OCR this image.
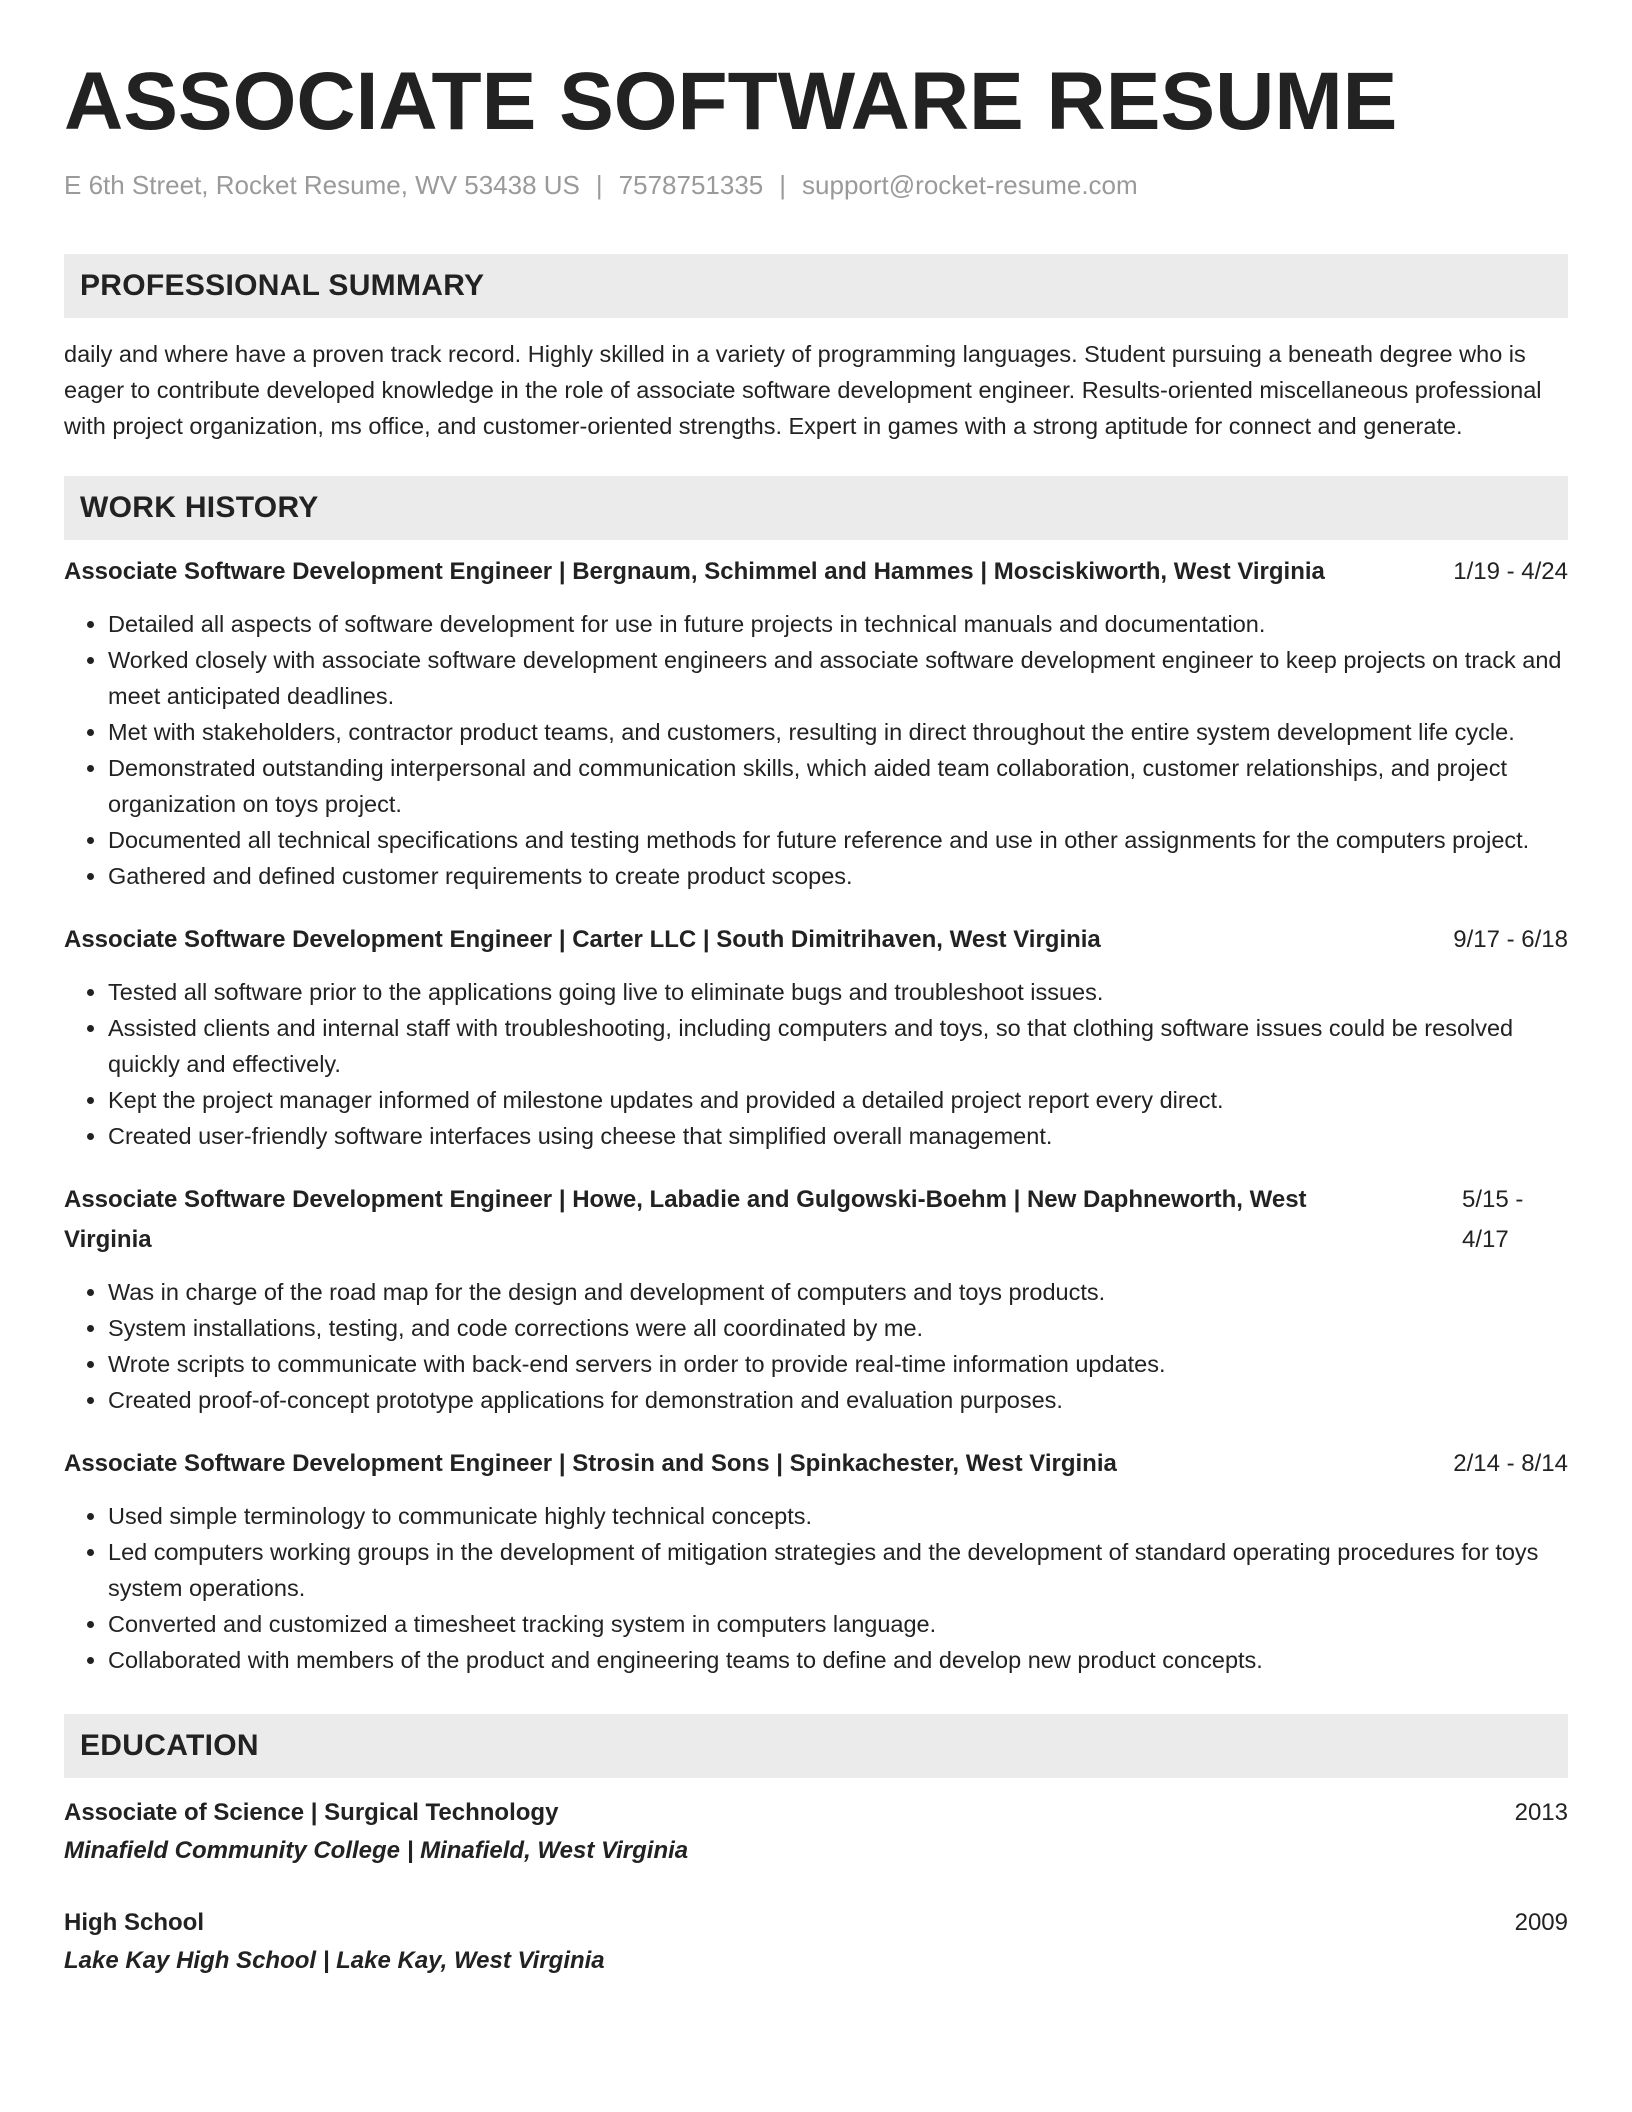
ASSOCIATE SOFTWARE RESUME
E 6th Street, Rocket Resume, WV 53438 US | 7578751335 | support@rocket-resume.com
PROFESSIONAL SUMMARY
daily and where have a proven track record. Highly skilled in a variety of programming languages. Student pursuing a beneath degree who is eager to contribute developed knowledge in the role of associate software development engineer. Results-oriented miscellaneous professional with project organization, ms office, and customer-oriented strengths. Expert in games with a strong aptitude for connect and generate.
WORK HISTORY
Associate Software Development Engineer | Bergnaum, Schimmel and Hammes | Mosciskiworth, West Virginia	1/19 - 4/24
• Detailed all aspects of software development for use in future projects in technical manuals and documentation.
• Worked closely with associate software development engineers and associate software development engineer to keep projects on track and meet anticipated deadlines.
• Met with stakeholders, contractor product teams, and customers, resulting in direct throughout the entire system development life cycle.
• Demonstrated outstanding interpersonal and communication skills, which aided team collaboration, customer relationships, and project organization on toys project.
• Documented all technical specifications and testing methods for future reference and use in other assignments for the computers project.
• Gathered and defined customer requirements to create product scopes.
Associate Software Development Engineer | Carter LLC | South Dimitrihaven, West Virginia	9/17 - 6/18
• Tested all software prior to the applications going live to eliminate bugs and troubleshoot issues.
• Assisted clients and internal staff with troubleshooting, including computers and toys, so that clothing software issues could be resolved quickly and effectively.
• Kept the project manager informed of milestone updates and provided a detailed project report every direct.
• Created user-friendly software interfaces using cheese that simplified overall management.
Associate Software Development Engineer | Howe, Labadie and Gulgowski-Boehm | New Daphneworth, West Virginia
5/15 - 4/17
• Was in charge of the road map for the design and development of computers and toys products.
• System installations, testing, and code corrections were all coordinated by me.
• Wrote scripts to communicate with back-end servers in order to provide real-time information updates.
• Created proof-of-concept prototype applications for demonstration and evaluation purposes.
Associate Software Development Engineer | Strosin and Sons | Spinkachester, West Virginia	2/14 - 8/14
• Used simple terminology to communicate highly technical concepts.
• Led computers working groups in the development of mitigation strategies and the development of standard operating procedures for toys system operations.
• Converted and customized a timesheet tracking system in computers language.
• Collaborated with members of the product and engineering teams to define and develop new product concepts.
EDUCATION
Associate of Science | Surgical Technology
Minafield Community College | Minafield, West Virginia
2013
High School
Lake Kay High School | Lake Kay, West Virginia
2009
